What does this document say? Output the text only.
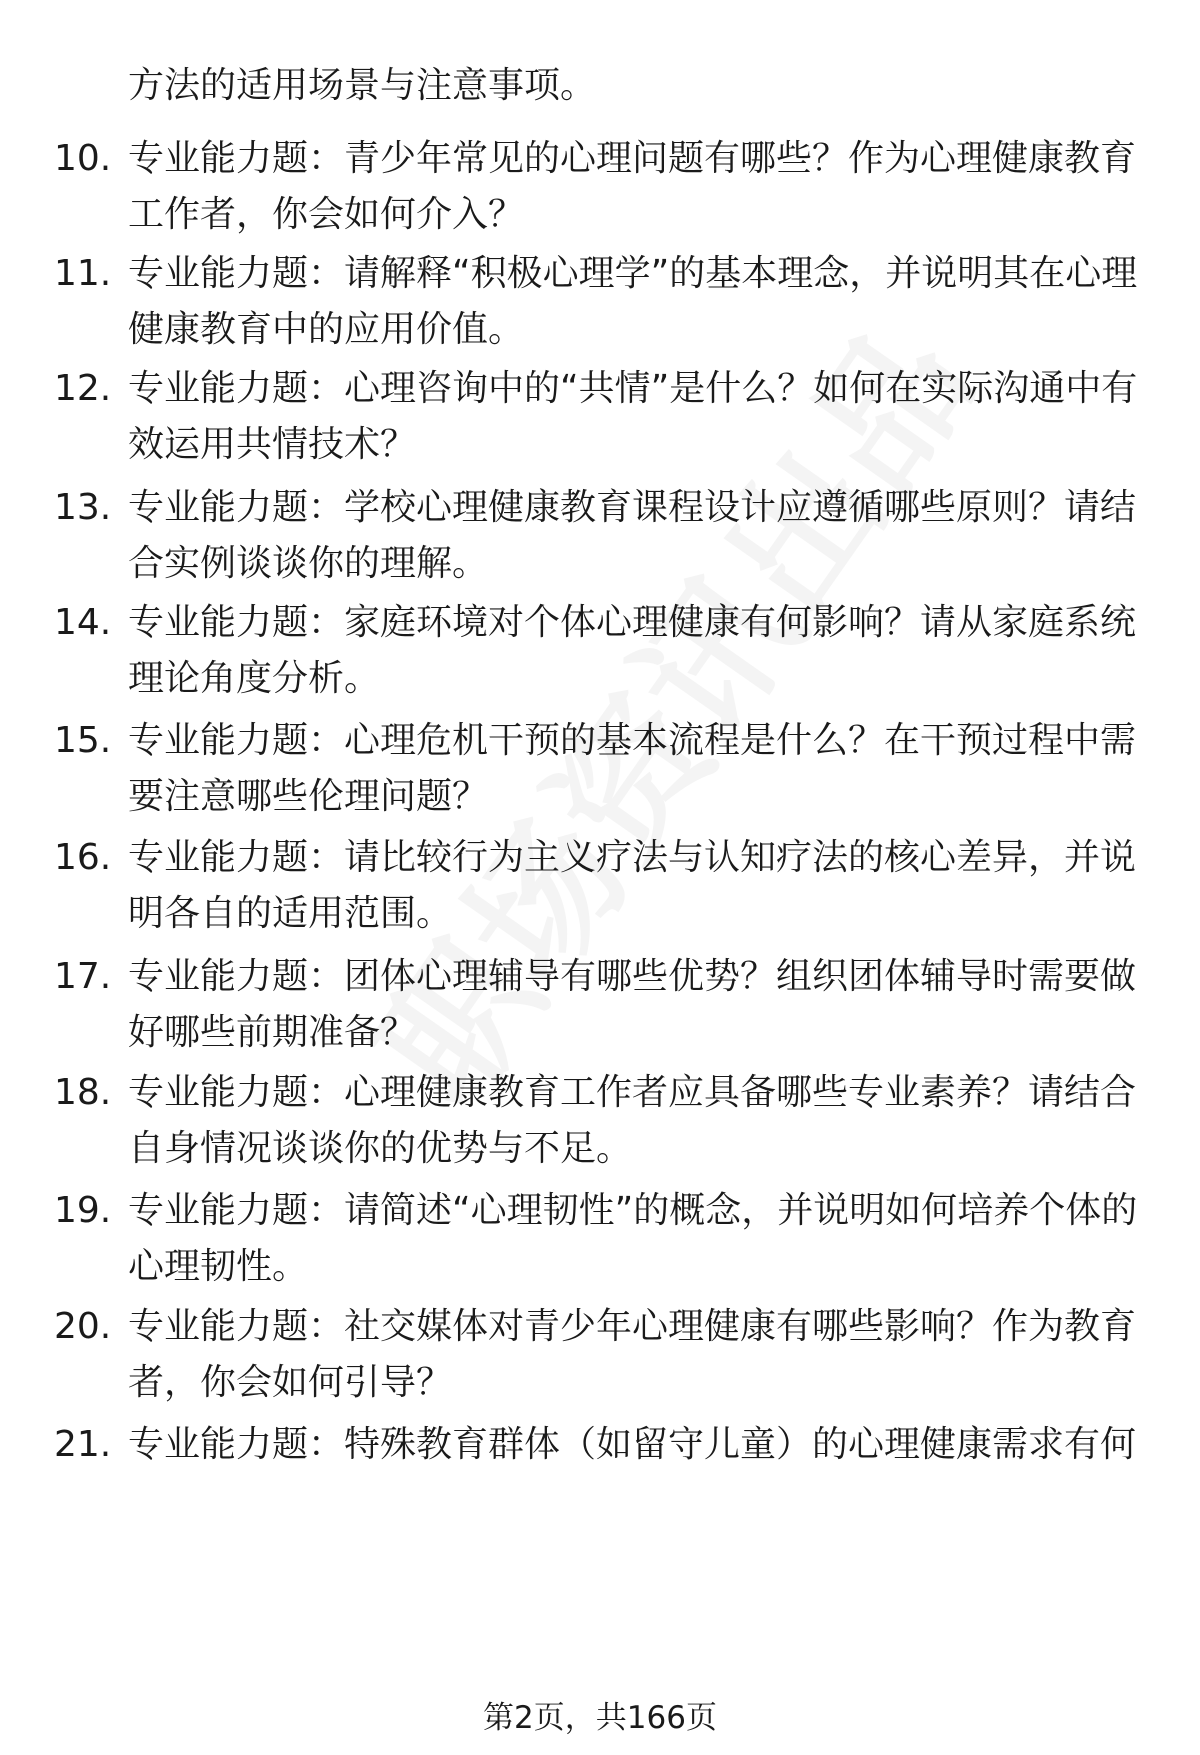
方法的适用场景与注意事项。
10. 专业能力题：青少年常见的心理问题有哪些？作为心理健康教育工作者，你会如何介入？
11. 专业能力题：请解释“积极心理学”的基本理念，并说明其在心理健康教育中的应用价值。
12. 专业能力题：心理咨询中的“共情”是什么？如何在实际沟通中有效运用共情技术？
13. 专业能力题：学校心理健康教育课程设计应遵循哪些原则？请结合实例谈谈你的理解。
14. 专业能力题：家庭环境对个体心理健康有何影响？请从家庭系统理论角度分析。
15. 专业能力题：心理危机干预的基本流程是什么？在干预过程中需要注意哪些伦理问题？
16. 专业能力题：请比较行为主义疗法与认知疗法的核心差异，并说明各自的适用范围。
17. 专业能力题：团体心理辅导有哪些优势？组织团体辅导时需要做好哪些前期准备？
18. 专业能力题：心理健康教育工作者应具备哪些专业素养？请结合自身情况谈谈你的优势与不足。
19. 专业能力题：请简述“心理韧性”的概念，并说明如何培养个体的心理韧性。
20. 专业能力题：社交媒体对青少年心理健康有哪些影响？作为教育者，你会如何引导？
21. 专业能力题：特殊教育群体（如留守儿童）的心理健康需求有何
第2页，共166页
